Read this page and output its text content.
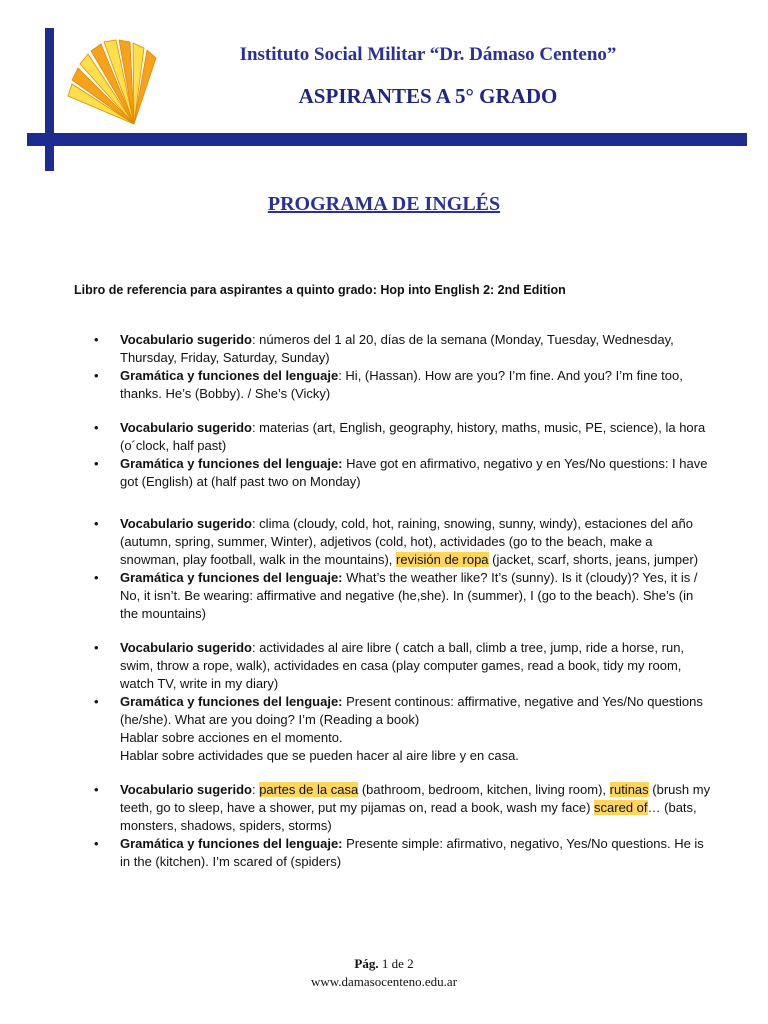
Instituto Social Militar “Dr. Dámaso Centeno”
ASPIRANTES A 5° GRADO
PROGRAMA DE INGLÉS
Libro de referencia para aspirantes a quinto grado: Hop into English 2: 2nd Edition
• Vocabulario sugerido: números del 1 al 20, días de la semana (Monday, Tuesday, Wednesday, Thursday, Friday, Saturday, Sunday)
• Gramática y funciones del lenguaje: Hi, (Hassan). How are you? I’m fine. And you? I’m fine too, thanks. He’s (Bobby). / She’s (Vicky)
• Vocabulario sugerido: materias (art, English, geography, history, maths, music, PE, science), la hora (o´clock, half past)
• Gramática y funciones del lenguaje: Have got en afirmativo, negativo y en Yes/No questions: I have got (English) at (half past two on Monday)
• Vocabulario sugerido: clima (cloudy, cold, hot, raining, snowing, sunny, windy), estaciones del año (autumn, spring, summer, Winter), adjetivos (cold, hot), actividades (go to the beach, make a snowman, play football, walk in the mountains), revisión de ropa (jacket, scarf, shorts, jeans, jumper)
• Gramática y funciones del lenguaje: What’s the weather like? It’s (sunny). Is it (cloudy)? Yes, it is / No, it isn’t. Be wearing: affirmative and negative (he,she). In (summer), I (go to the beach). She’s (in the mountains)
• Vocabulario sugerido: actividades al aire libre ( catch a ball, climb a tree, jump, ride a horse, run, swim, throw a rope, walk), actividades en casa (play computer games, read a book, tidy my room, watch TV, write in my diary)
• Gramática y funciones del lenguaje: Present continous: affirmative, negative and Yes/No questions (he/she). What are you doing? I’m (Reading a book)
Hablar sobre acciones en el momento.
Hablar sobre actividades que se pueden hacer al aire libre y en casa.
• Vocabulario sugerido: partes de la casa (bathroom, bedroom, kitchen, living room), rutinas (brush my teeth, go to sleep, have a shower, put my pijamas on, read a book, wash my face) scared of… (bats, monsters, shadows, spiders, storms)
• Gramática y funciones del lenguaje: Presente simple: afirmativo, negativo, Yes/No questions. He is in the (kitchen). I’m scared of (spiders)
Pág. 1 de 2
www.damasocenteno.edu.ar
